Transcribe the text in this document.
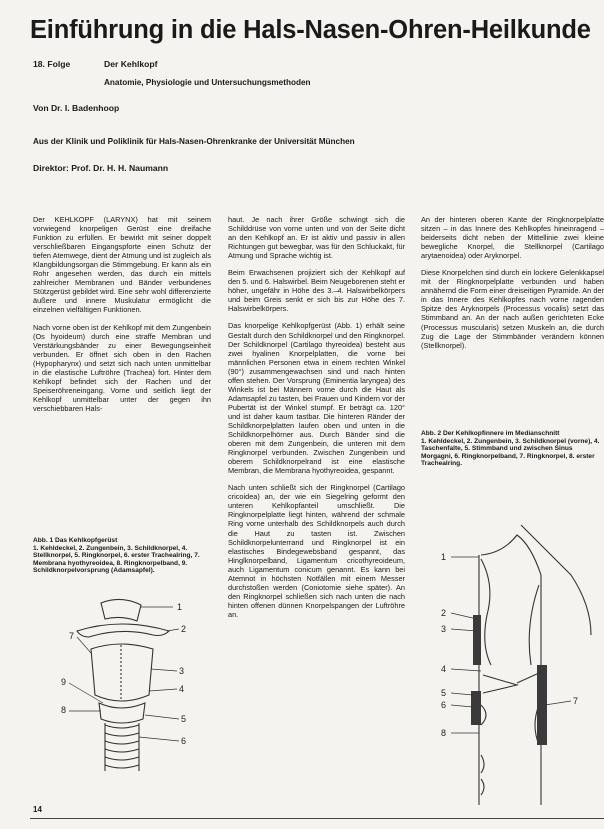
Einführung in die Hals-Nasen-Ohren-Heilkunde
18. Folge	Der Kehlkopf
Anatomie, Physiologie und Untersuchungsmethoden
Von Dr. I. Badenhoop
Aus der Klinik und Poliklinik für Hals-Nasen-Ohrenkranke der Universität München
Direktor: Prof. Dr. H. H. Naumann

Der KEHLKOPF (LARYNX) hat mit seinem vorwiegend knorpeligen Gerüst eine dreifache Funktion zu erfüllen. Er bewirkt mit seiner doppelt verschließbaren Eingangspforte einen Schutz der tiefen Atemwege, dient der Atmung und ist zugleich als Klangbildungsorgan die Stimmgebung. Er kann als ein Rohr angesehen werden, das durch ein mittels zahlreicher Membranen und Bänder verbundenes Stützgerüst gebildet wird. Eine sehr wohl differenzierte äußere und innere Muskulatur ermöglicht die einzelnen vielfältigen Funktionen.

Nach vorne oben ist der Kehlkopf mit dem Zungenbein (Os hyoideum) durch eine straffe Membran und Verstärkungsbänder zu einer Bewegungseinheit verbunden. Er öffnet sich oben in den Rachen (Hypopharynx) und setzt sich nach unten unmittelbar in die elastische Luftröhre (Trachea) fort. Hinter dem Kehlkopf befindet sich der Rachen und der Speiseröhreneingang. Vorne und seitlich liegt der Kehlkopf unmittelbar unter der gegen ihn verschiebbaren Hals-

haut. Je nach ihrer Größe schwingt sich die Schilddrüse von vorne unten und von der Seite dicht an den Kehlkopf an. Er ist aktiv und passiv in allen Richtungen gut bewegbar, was für den Schluckakt, für Atmung und Sprache wichtig ist.

Beim Erwachsenen projiziert sich der Kehlkopf auf den 5. und 6. Halswirbel. Beim Neugeborenen steht er höher, ungefähr in Höhe des 3.–4. Halswirbelkörpers und beim Greis senkt er sich bis zur Höhe des 7. Halswirbelkörpers.

Das knorpelige Kehlkopfgerüst (Abb. 1) erhält seine Gestalt durch den Schildknorpel und den Ringknorpel. Der Schildknorpel (Cartilago thyreoidea) besteht aus zwei hyalinen Knorpelplatten, die vorne bei männlichen Personen etwa in einem rechten Winkel (90°) zusammengewachsen sind und nach hinten offen stehen. Der Vorsprung (Eminentia laryngea) des Winkels ist bei Männern vorne durch die Haut als Adamsapfel zu tasten, bei Frauen und Kindern vor der Pubertät ist der Winkel stumpf. Er beträgt ca. 120° und ist daher kaum tastbar. Die hinteren Ränder der Schildknorpelplatten laufen oben und unten in die Schildknorpelhörner aus. Durch Bänder sind die oberen mit dem Zungenbein, die unteren mit dem Ringknorpel verbunden. Zwischen Zungenbein und oberem Schildknorpelrand ist eine elastische Membran, die Membrana hyothyreoidea, gespannt.

Nach unten schließt sich der Ringknorpel (Cartilago cricoidea) an, der wie ein Siegelring geformt den unteren Kehlkopfanteil umschließt. Die Ringknorpelplatte liegt hinten, während der schmale Ring vorne unterhalb des Schildknorpels auch durch die Haut zu tasten ist. Zwischen Schildknorpelunterrand und Ringknorpel ist ein elastisches Bindegewebsband gespannt, das Hinglknorpelband, Ligamentum cricothyreoideum, auch Ligamentum conicum genannt. Es kann bei Atemnot in höchsten Notfällen mit einem Messer durchstoßen werden (Coniotomie siehe später). An den Ringknorpel schließen sich nach unten die nach hinten offenen dünnen Knorpelspangen der Luftröhre an.

An der hinteren oberen Kante der Ringknorpelplatte sitzen – in das Innere des Kehlkopfes hineinragend – beiderseits dicht neben der Mittellinie zwei kleine bewegliche Knorpel, die Stellknorpel (Cartilago arytaenoidea) oder Aryknorpel.

Diese Knorpelchen sind durch ein lockere Gelenkkapsel mit der Ringknorpelplatte verbunden und haben annähernd die Form einer dreiseitigen Pyramide. An der in das Innere des Kehlkopfes nach vorne ragenden Spitze des Aryknorpels (Processus vocalis) setzt das Stimmband an. An der nach außen gerichteten Ecke (Processus muscularis) setzen Muskeln an, die durch Zug die Lage der Stimmbänder verändern können (Stellknorpel).

Abb. 2 Der Kehlkopfinnere im Medianschnitt
1. Kehldeckel, 2. Zungenbein, 3. Schildknorpel (vorne), 4. Taschenfalte, 5. Stimmband und zwischen Sinus Morgagni, 6. Ringknorpelband, 7. Ringknorpel, 8. erster Trachealring.
Abb. 1 Das Kehlkopfgerüst
1. Kehldeckel, 2. Zungenbein, 3. Schildknorpel, 4. Stellknorpel, 5. Ringknorpel, 6. erster Trachealring, 7. Membrana hyothyreoidea, 8. Ringknorpelband, 9. Schildknorpelvorsprung (Adamsapfel).
1
2
3
4
5
6
7
8
9
1
2
3
4
5
6	7
8
14
